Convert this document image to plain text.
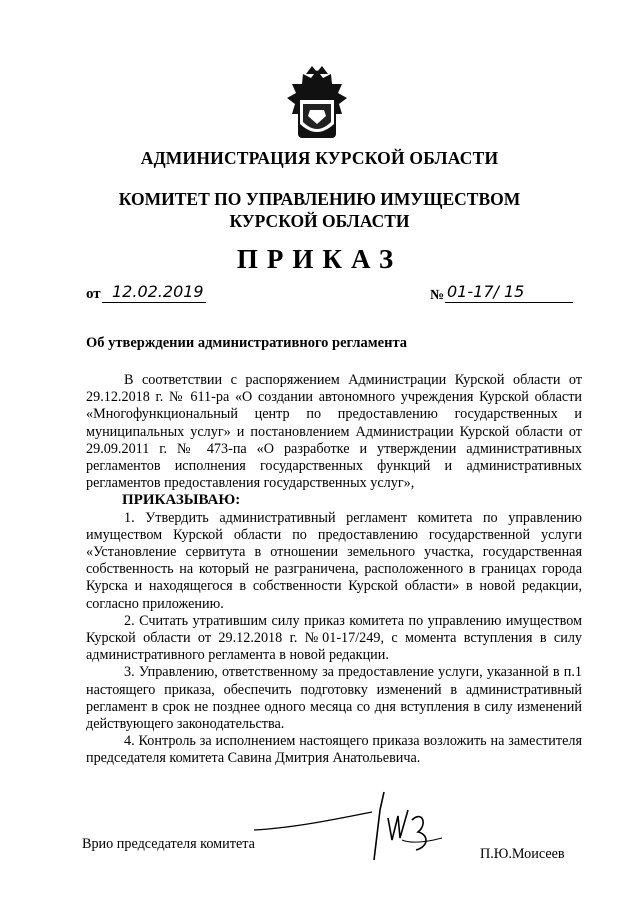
АДМИНИСТРАЦИЯ КУРСКОЙ ОБЛАСТИ
КОМИТЕТ ПО УПРАВЛЕНИЮ ИМУЩЕСТВОМ
КУРСКОЙ ОБЛАСТИ
ПРИКАЗ
от 12.02.2019	№ 01-17/ 15
Об утверждении административного регламента

В соответствии с распоряжением Администрации Курской области от 29.12.2018 г. № 611-ра «О создании автономного учреждения Курской области «Многофункциональный центр по предоставлению государственных и муниципальных услуг» и постановлением Администрации Курской области от 29.09.2011 г. № 473-па «О разработке и утверждении административных регламентов исполнения государственных функций и административных регламентов предоставления государственных услуг»,

ПРИКАЗЫВАЮ:

1. Утвердить административный регламент комитета по управлению имуществом Курской области по предоставлению государственной услуги «Установление сервитута в отношении земельного участка, государственная собственность на который не разграничена, расположенного в границах города Курска и находящегося в собственности Курской области» в новой редакции, согласно приложению.

2. Считать утратившим силу приказ комитета по управлению имуществом Курской области от 29.12.2018 г. №01-17/249, с момента вступления в силу административного регламента в новой редакции.

3. Управлению, ответственному за предоставление услуги, указанной в п.1 настоящего приказа, обеспечить подготовку изменений в административный регламент в срок не позднее одного месяца со дня вступления в силу изменений действующего законодательства.

4. Контроль за исполнением настоящего приказа возложить на заместителя председателя комитета Савина Дмитрия Анатольевича.

Врио председателя комитета
П.Ю.Моисеев
